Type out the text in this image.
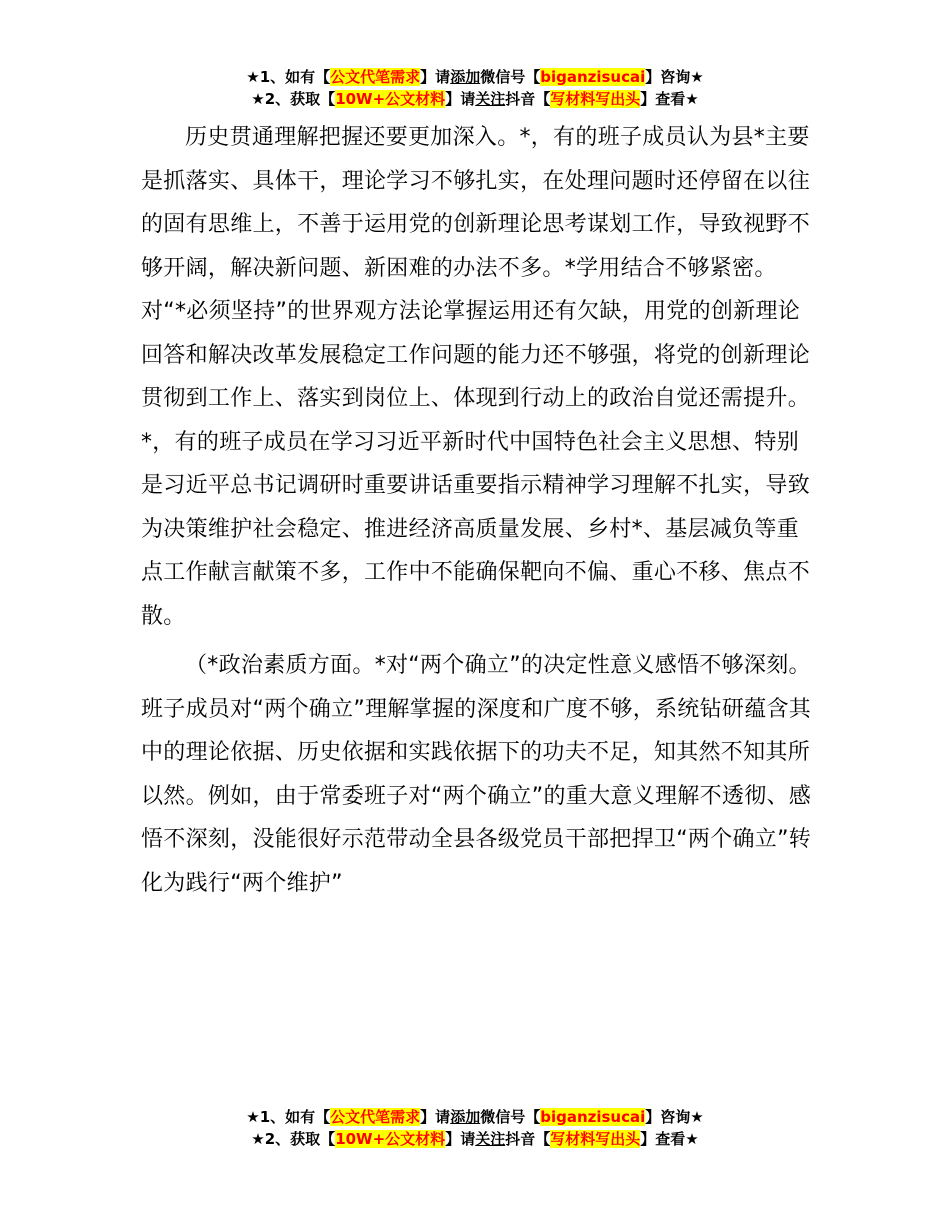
★1、如有【公文代笔需求】请添加微信号【biganzisucai】咨询★
★2、获取【10W+公文材料】请关注抖音【写材料写出头】查看★

历史贯通理解把握还要更加深入。*，有的班子成员认为县*主要是抓落实、具体干，理论学习不够扎实，在处理问题时还停留在以往的固有思维上，不善于运用党的创新理论思考谋划工作，导致视野不够开阔，解决新问题、新困难的办法不多。*学用结合不够紧密。对“*必须坚持”的世界观方法论掌握运用还有欠缺，用党的创新理论回答和解决改革发展稳定工作问题的能力还不够强，将党的创新理论贯彻到工作上、落实到岗位上、体现到行动上的政治自觉还需提升。*，有的班子成员在学习习近平新时代中国特色社会主义思想、特别是习近平总书记调研时重要讲话重要指示精神学习理解不扎实，导致为决策维护社会稳定、推进经济高质量发展、乡村*、基层减负等重点工作献言献策不多，工作中不能确保靶向不偏、重心不移、焦点不散。

（*政治素质方面。*对“两个确立”的决定性意义感悟不够深刻。班子成员对“两个确立”理解掌握的深度和广度不够，系统钻研蕴含其中的理论依据、历史依据和实践依据下的功夫不足，知其然不知其所以然。例如，由于常委班子对“两个确立”的重大意义理解不透彻、感悟不深刻，没能很好示范带动全县各级党员干部把捍卫“两个确立”转化为践行“两个维护”

★1、如有【公文代笔需求】请添加微信号【biganzisucai】咨询★
★2、获取【10W+公文材料】请关注抖音【写材料写出头】查看★
